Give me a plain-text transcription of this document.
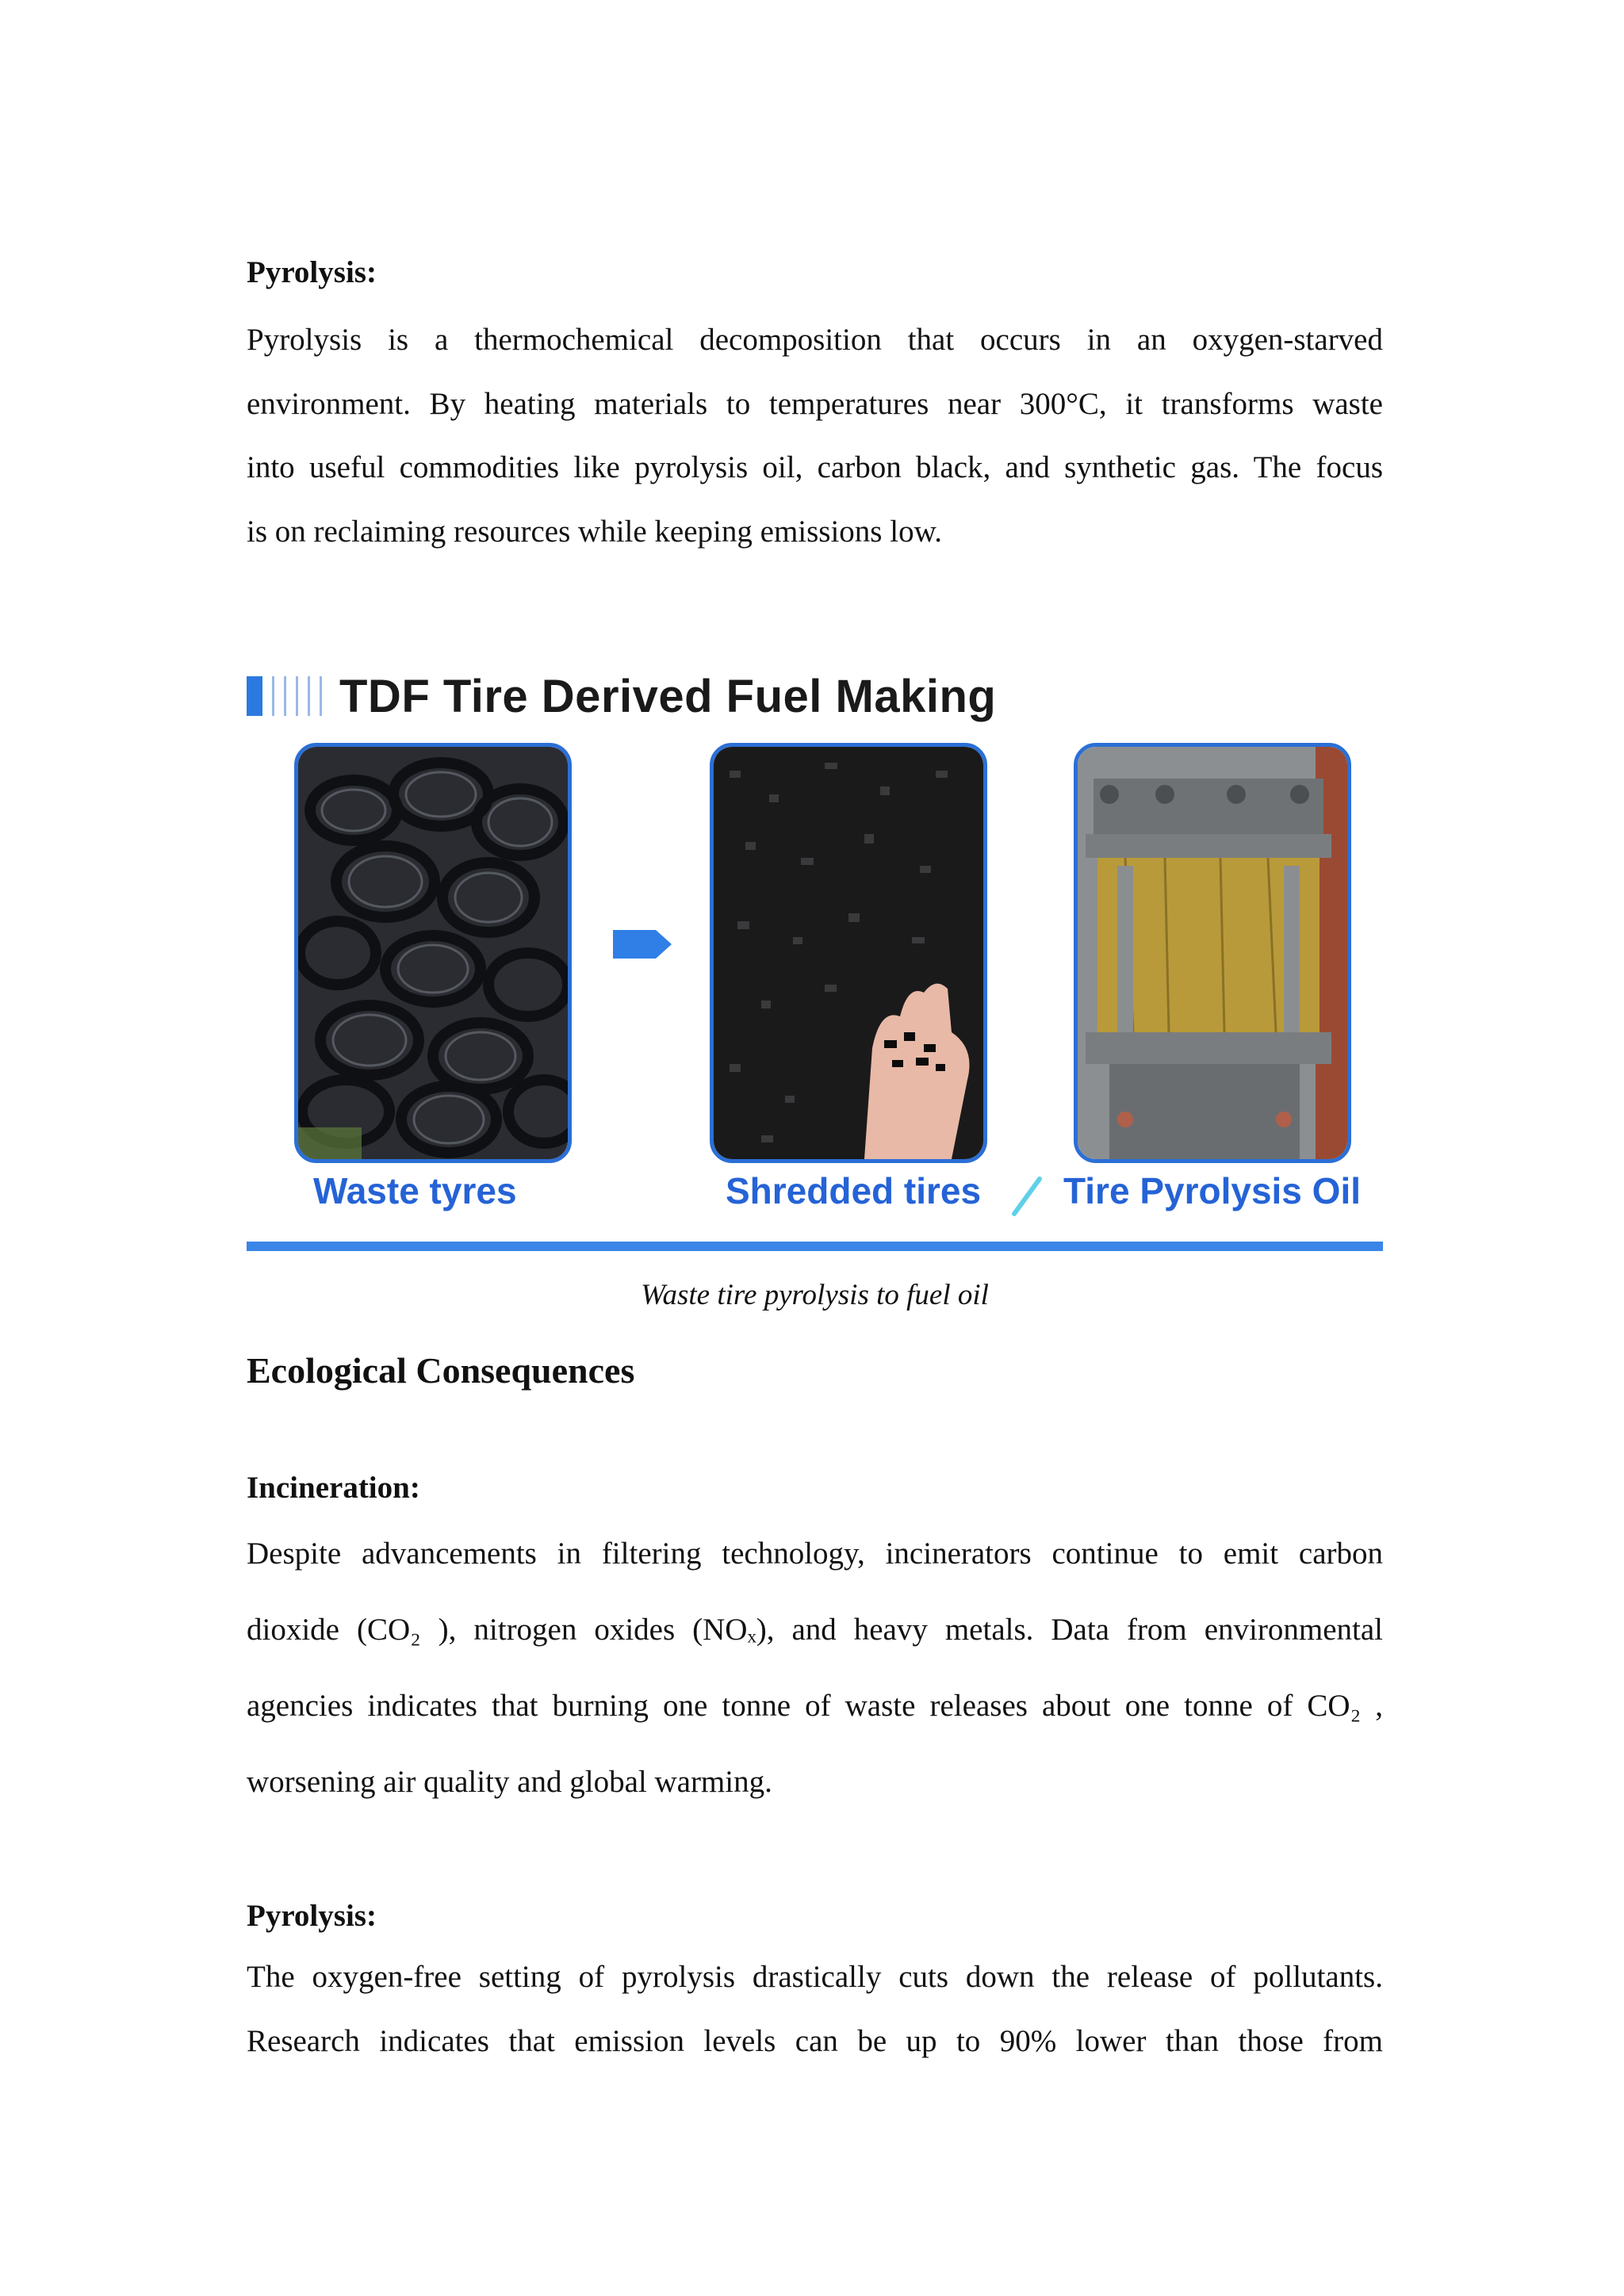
Pyrolysis:
Pyrolysis is a thermochemical decomposition that occurs in an oxygen-starved
environment. By heating materials to temperatures near 300°C, it transforms waste
into useful commodities like pyrolysis oil, carbon black, and synthetic gas. The focus
is on reclaiming resources while keeping emissions low.
Waste tire pyrolysis to fuel oil
Ecological Consequences
Incineration:
Despite advancements in filtering technology, incinerators continue to emit carbon
dioxide (CO₂ ), nitrogen oxides (NOₓ), and heavy metals. Data from environmental
agencies indicates that burning one tonne of waste releases about one tonne of CO₂ ,
worsening air quality and global warming.
Pyrolysis:
The oxygen-free setting of pyrolysis drastically cuts down the release of pollutants.
Research indicates that emission levels can be up to 90% lower than those from
TDF Tire Derived Fuel Making
Waste tyres	Shredded tires Tire Pyrolysis Oil
